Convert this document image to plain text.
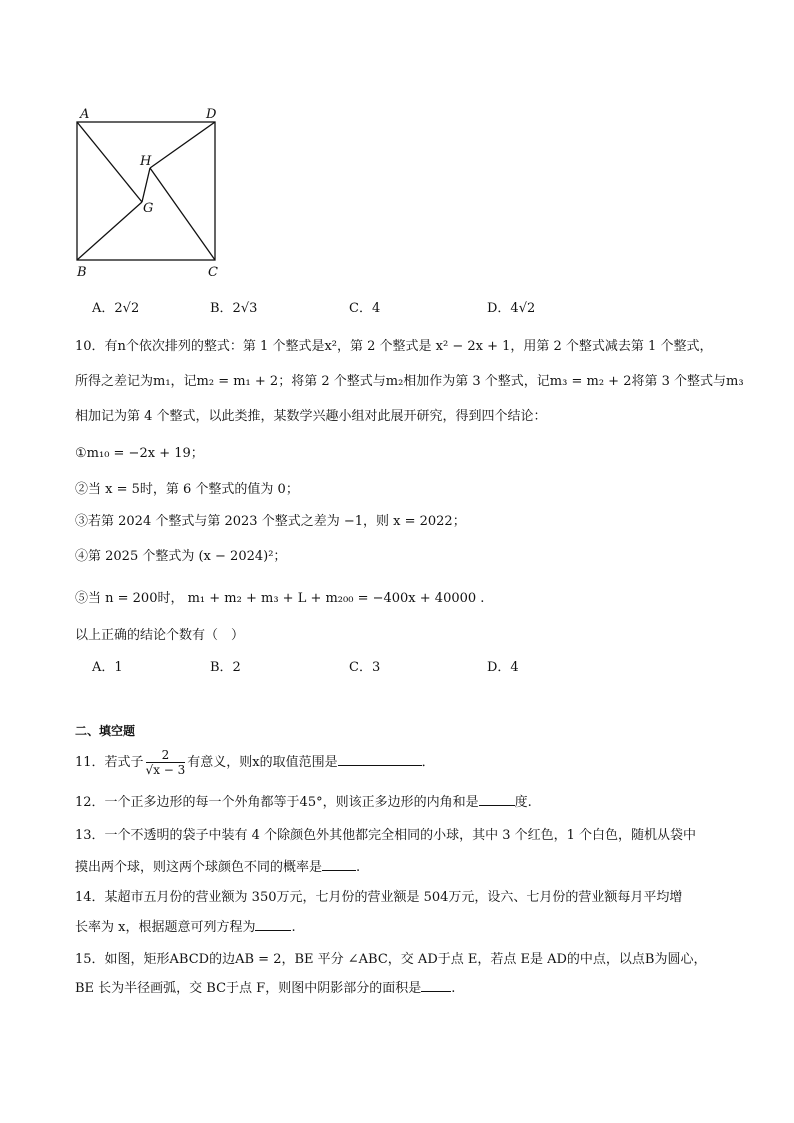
A	D
H
G
B	C
A．2√2	B．2√3	C．4	D．4√2
10．有n个依次排列的整式：第 1 个整式是x²，第 2 个整式是 x² − 2x + 1，用第 2 个整式减去第 1 个整式，
所得之差记为m₁，记m₂ = m₁ + 2；将第 2 个整式与m₂相加作为第 3 个整式，记m₃ = m₂ + 2将第 3 个整式与m₃
相加记为第 4 个整式，以此类推，某数学兴趣小组对此展开研究，得到四个结论：
①m₁₀ = −2x + 19；
②当 x = 5时，第 6 个整式的值为 0；
③若第 2024 个整式与第 2023 个整式之差为 −1，则 x = 2022；
④第 2025 个整式为 (x − 2024)²；
⑤当 n = 200时， m₁ + m₂ + m₃ + L + m₂₀₀ = −400x + 40000 .
以上正确的结论个数有（　）
A．1	B．2	C．3	D．4
二、填空题
11．若式子 $\frac{2}{√x - 3}$ 有意义，则x的取值范围是	．
12．一个正多边形的每一个外角都等于45°，则该正多边形的内角和是	度.
13．一个不透明的袋子中装有 4 个除颜色外其他都完全相同的小球，其中 3 个红色，1 个白色，随机从袋中
摸出两个球，则这两个球颜色不同的概率是	.
14．某超市五月份的营业额为 350万元，七月份的营业额是 504万元，设六、七月份的营业额每月平均增
长率为 x，根据题意可列方程为	.
15．如图，矩形ABCD的边AB = 2，BE 平分 ∠ABC，交 AD于点 E，若点 E是 AD的中点，以点B为圆心，
BE 长为半径画弧，交 BC于点 F，则图中阴影部分的面积是 .
